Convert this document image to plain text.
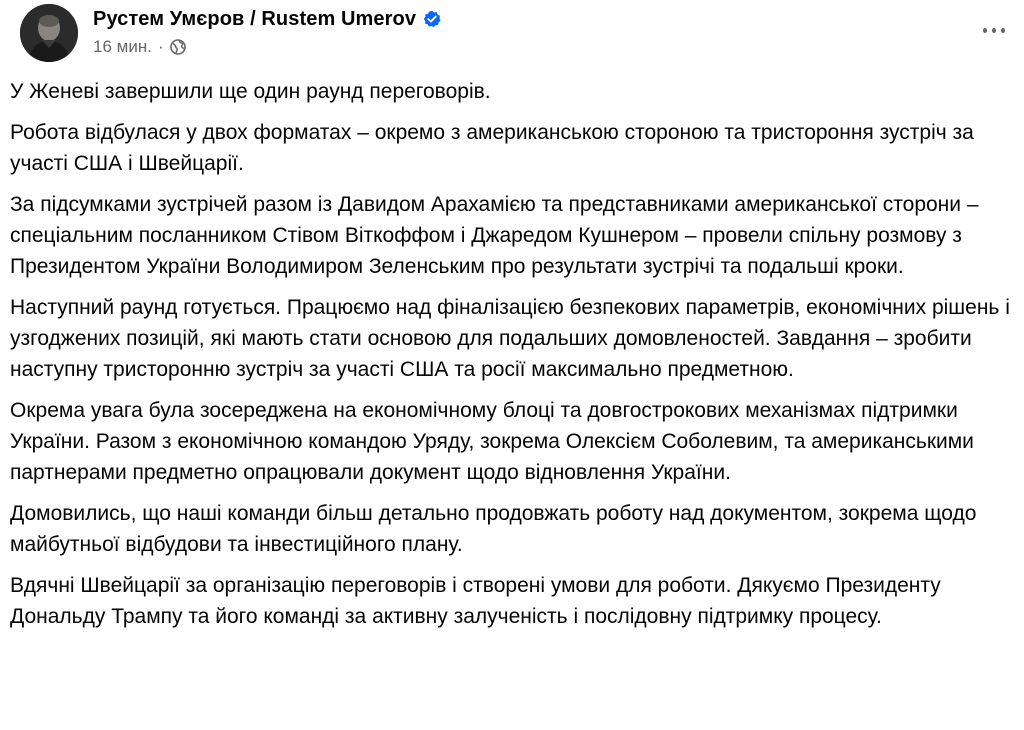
Рустем Умєров / Rustem Umerov
16 мин. ·

У Женеві завершили ще один раунд переговорів.

Робота відбулася у двох форматах – окремо з американською стороною та тристороння зустріч за участі США і Швейцарії.

За підсумками зустрічей разом із Давидом Арахамією та представниками американської сторони – спеціальним посланником Стівом Віткоффом і Джаредом Кушнером – провели спільну розмову з Президентом України Володимиром Зеленським про результати зустрічі та подальші кроки.

Наступний раунд готується. Працюємо над фіналізацією безпекових параметрів, економічних рішень і узгоджених позицій, які мають стати основою для подальших домовленостей. Завдання – зробити наступну тристоронню зустріч за участі США та росії максимально предметною.

Окрема увага була зосереджена на економічному блоці та довгострокових механізмах підтримки України. Разом з економічною командою Уряду, зокрема Олексієм Соболевим, та американськими партнерами предметно опрацювали документ щодо відновлення України.

Домовились, що наші команди більш детально продовжать роботу над документом, зокрема щодо майбутньої відбудови та інвестиційного плану.

Вдячні Швейцарії за організацію переговорів і створені умови для роботи. Дякуємо Президенту Дональду Трампу та його команді за активну залученість і послідовну підтримку процесу.
